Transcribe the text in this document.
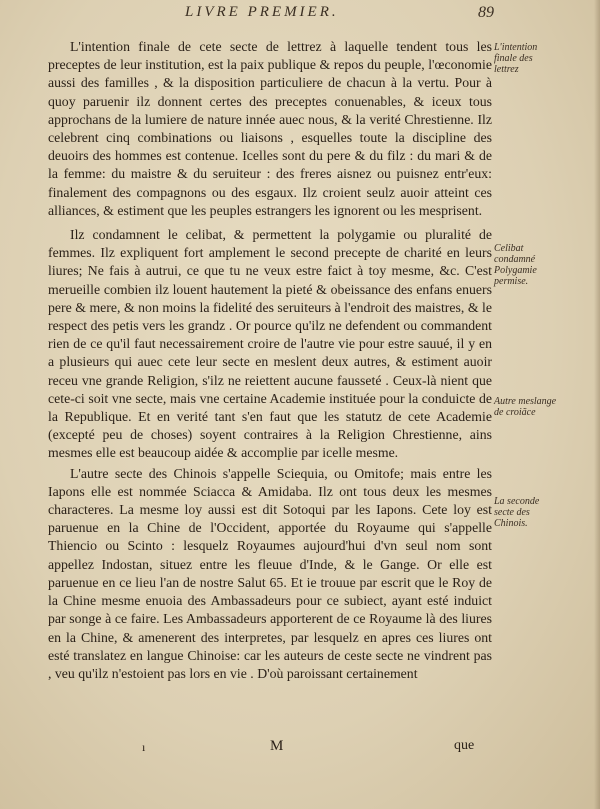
LIVRE PREMIER.	89

L'intention finale de cete secte de lettrez à laquelle tendent tous les preceptes de leur institution, est la paix publique & repos du peuple, l'œconomie aussi des familles , & la disposition particuliere de chacun à la vertu. Pour à quoy paruenir ilz donnent certes des preceptes conuenables, & iceux tous approchans de la lumiere de nature innée auec nous, & la verité Chrestienne. Ilz celebrent cinq combinations ou liaisons , esquelles toute la discipline des deuoirs des hommes est contenue. Icelles sont du pere & du filz : du mari & de la femme: du maistre & du seruiteur : des freres aisnez ou puisnez entr'eux: finalement des compagnons ou des esgaux. Ilz croient seulz auoir atteint ces alliances, & estiment que les peuples estrangers les ignorent ou les mesprisent.

Ilz condamnent le celibat, & permettent la polygamie ou pluralité de femmes. Ilz expliquent fort amplement le second precepte de charité en leurs liures; Ne fais à autrui, ce que tu ne veux estre faict à toy mesme, &c. C'est merueille combien ilz louent hautement la pieté & obeissance des enfans enuers pere & mere, & non moins la fidelité des seruiteurs à l'endroit des maistres, & le respect des petis vers les grandz . Or pource qu'ilz ne defendent ou commandent rien de ce qu'il faut necessairement croire de l'autre vie pour estre sauué, il y en a plusieurs qui auec cete leur secte en meslent deux autres, & estiment auoir receu vne grande Religion, s'ilz ne reiettent aucune fausseté . Ceux-là nient que cete-ci soit vne secte, mais vne certaine Academie instituée pour la conduicte de la Republique. Et en verité tant s'en faut que les statutz de cete Academie (excepté peu de choses) soyent contraires à la Religion Chrestienne, ains mesmes elle est beaucoup aidée & accomplie par icelle mesme.

L'autre secte des Chinois s'appelle Sciequia, ou Omitofe; mais entre les Iapons elle est nommée Sciacca & Amidaba. Ilz ont tous deux les mesmes characteres. La mesme loy aussi est dit Sotoqui par les Iapons. Cete loy est paruenue en la Chine de l'Occident, apportée du Royaume qui s'appelle Thiencio ou Scinto : lesquelz Royaumes aujourd'hui d'vn seul nom sont appellez Indostan, situez entre les fleuue d'Inde, & le Gange. Or elle est paruenue en ce lieu l'an de nostre Salut 65. Et ie trouue par escrit que le Roy de la Chine mesme enuoia des Ambassadeurs pour ce subiect, ayant esté induict par songe à ce faire. Les Ambassadeurs apporterent de ce Royaume là des liures en la Chine, & amenerent des interpretes, par lesquelz en apres ces liures ont esté translatez en langue Chinoise: car les auteurs de ceste secte ne vindrent pas , veu qu'ilz n'estoient pas lors en vie . D'où paroissant certainement

L'intention finale des lettrez
Celibat condamné Polygamie permise.
Autre meslange de croiãce
La seconde secte des Chinois.
ı	M	que
